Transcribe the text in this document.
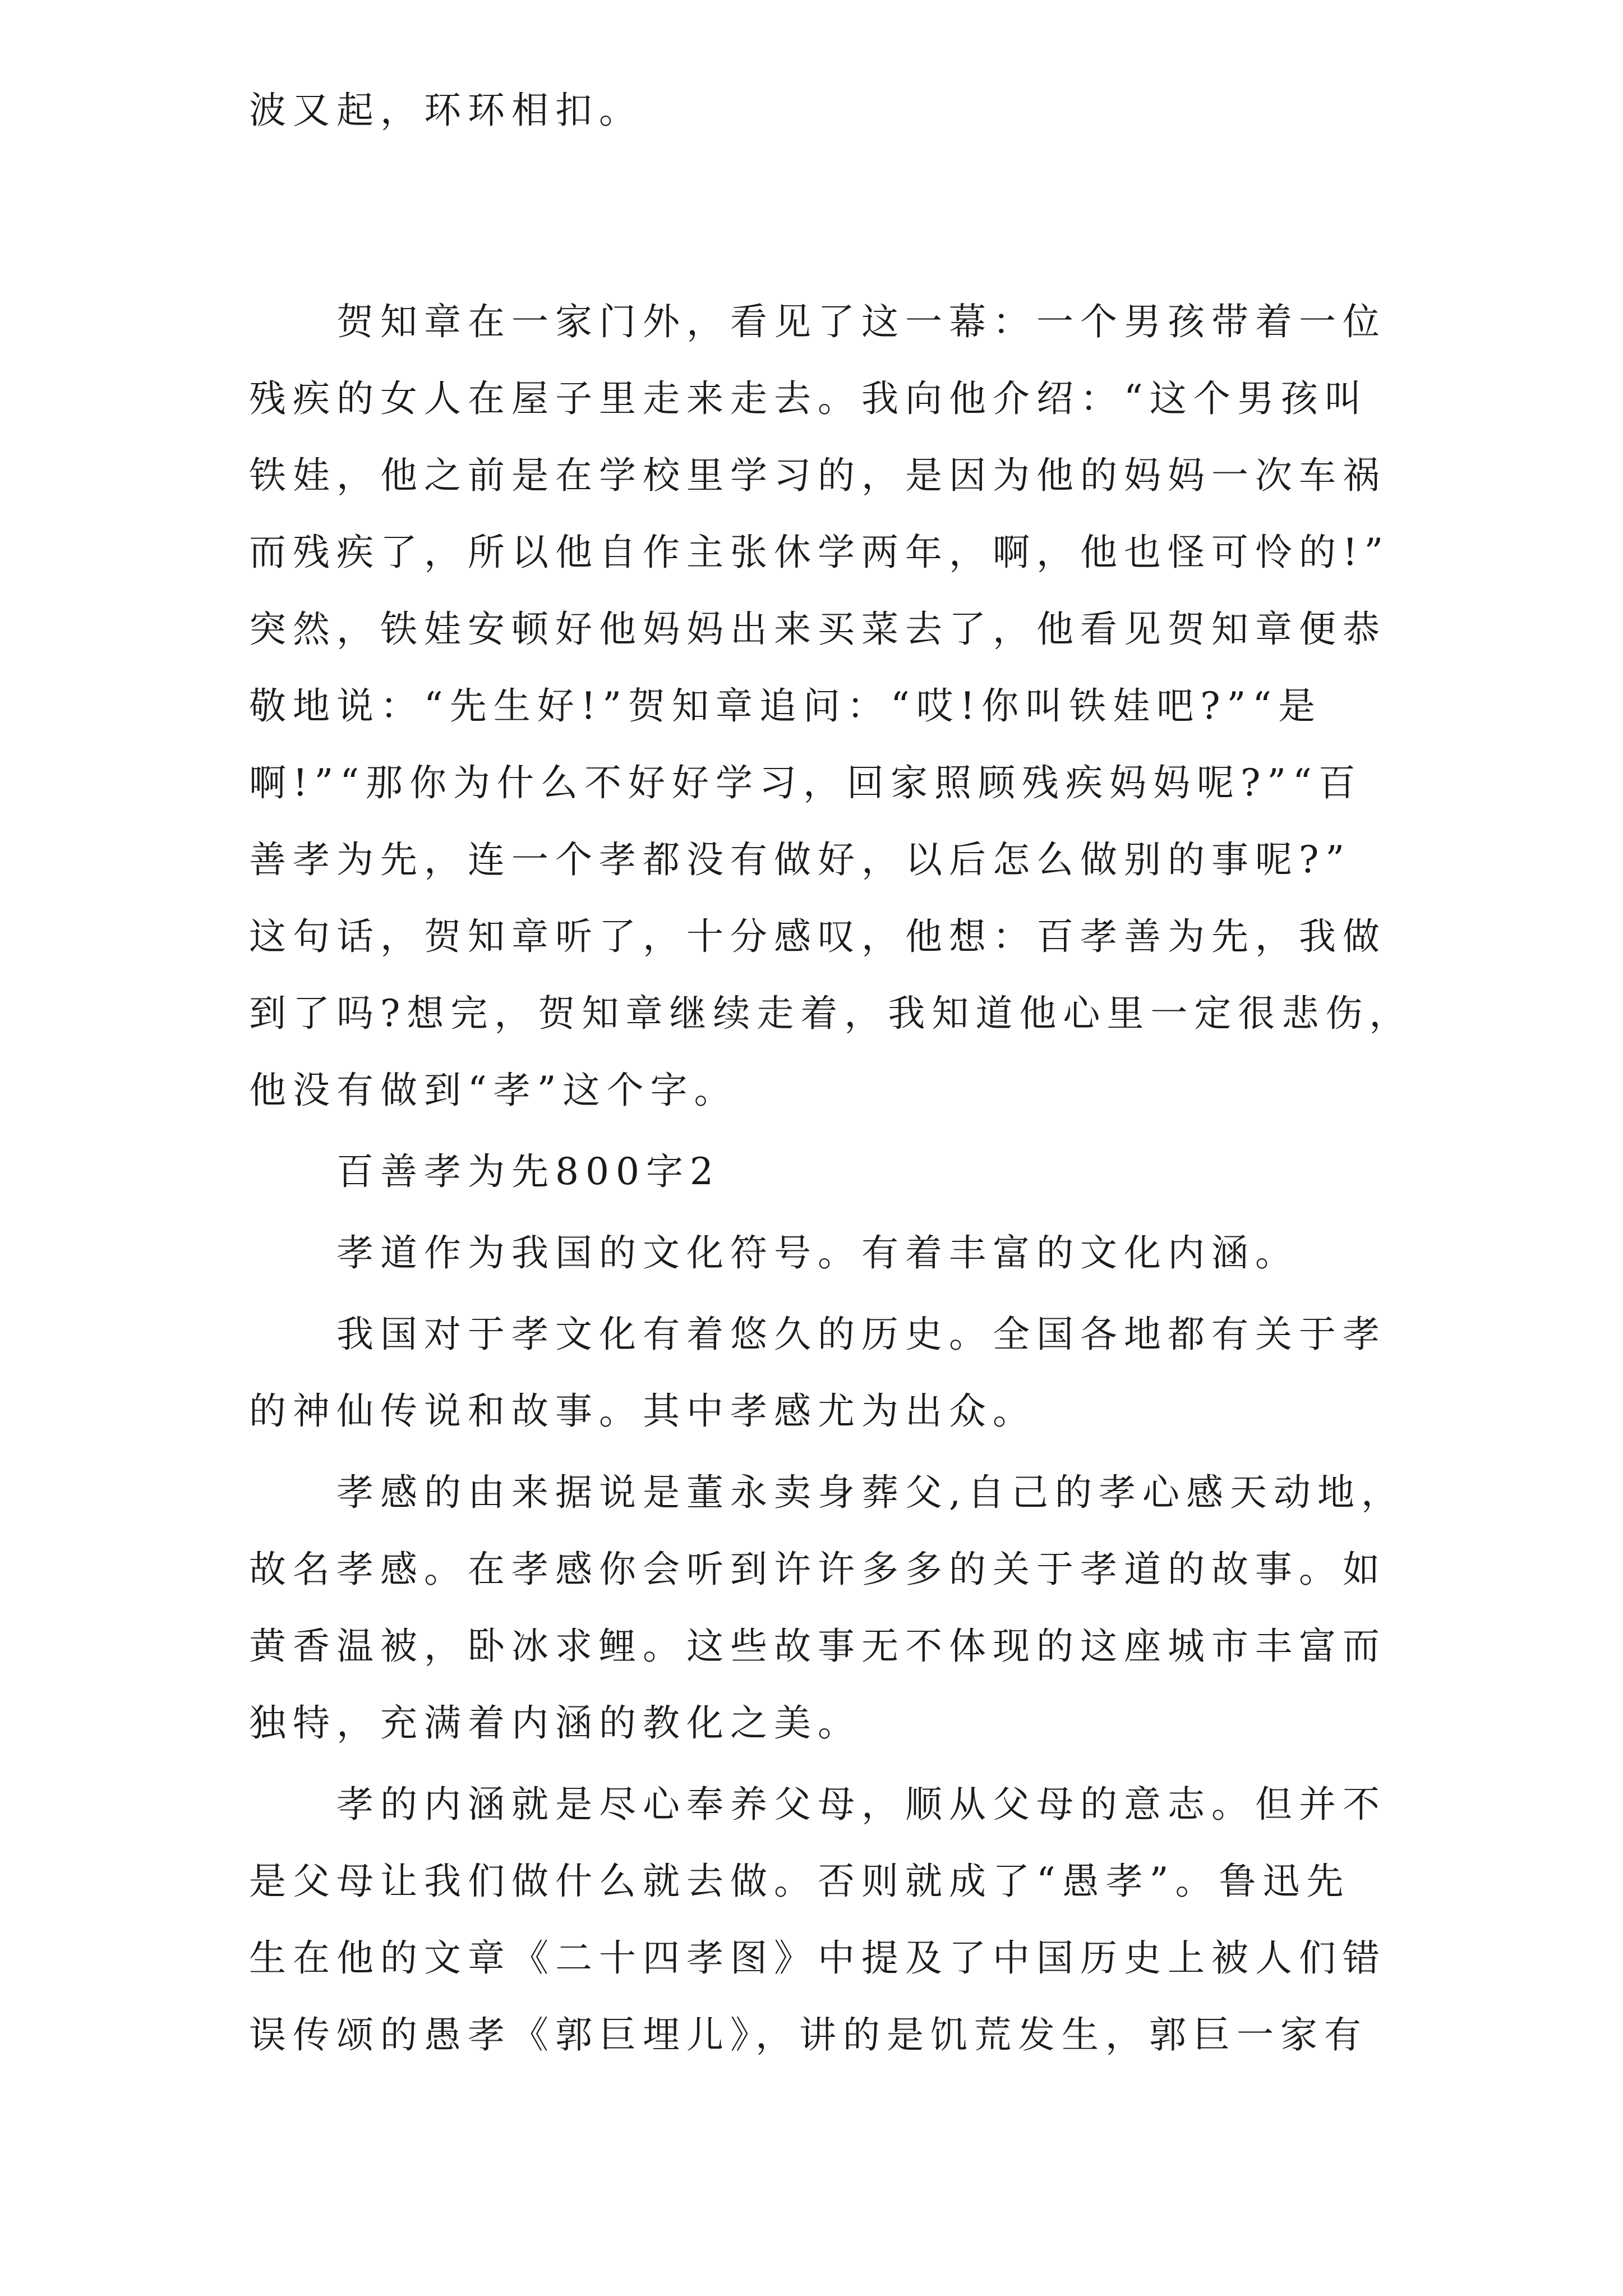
波又起，环环相扣。
贺知章在一家门外，看见了这一幕：一个男孩带着一位
残疾的女人在屋子里走来走去。我向他介绍：“这个男孩叫
铁娃，他之前是在学校里学习的，是因为他的妈妈一次车祸
而残疾了，所以他自作主张休学两年，啊，他也怪可怜的!”
突然，铁娃安顿好他妈妈出来买菜去了，他看见贺知章便恭
敬地说：“先生好!”贺知章追问：“哎!你叫铁娃吧?”“是
啊!”“那你为什么不好好学习，回家照顾残疾妈妈呢?”“百
善孝为先，连一个孝都没有做好，以后怎么做别的事呢?”
这句话，贺知章听了，十分感叹，他想：百孝善为先，我做
到了吗?想完，贺知章继续走着，我知道他心里一定很悲伤，
他没有做到“孝”这个字。
百善孝为先800字2
孝道作为我国的文化符号。有着丰富的文化内涵。
我国对于孝文化有着悠久的历史。全国各地都有关于孝
的神仙传说和故事。其中孝感尤为出众。
孝感的由来据说是董永卖身葬父,自己的孝心感天动地，
故名孝感。在孝感你会听到许许多多的关于孝道的故事。如
黄香温被，卧冰求鲤。这些故事无不体现的这座城市丰富而
独特，充满着内涵的教化之美。
孝的内涵就是尽心奉养父母，顺从父母的意志。但并不
是父母让我们做什么就去做。否则就成了“愚孝”。鲁迅先
生在他的文章《二十四孝图》中提及了中国历史上被人们错
误传颂的愚孝《郭巨埋儿》，讲的是饥荒发生，郭巨一家有
